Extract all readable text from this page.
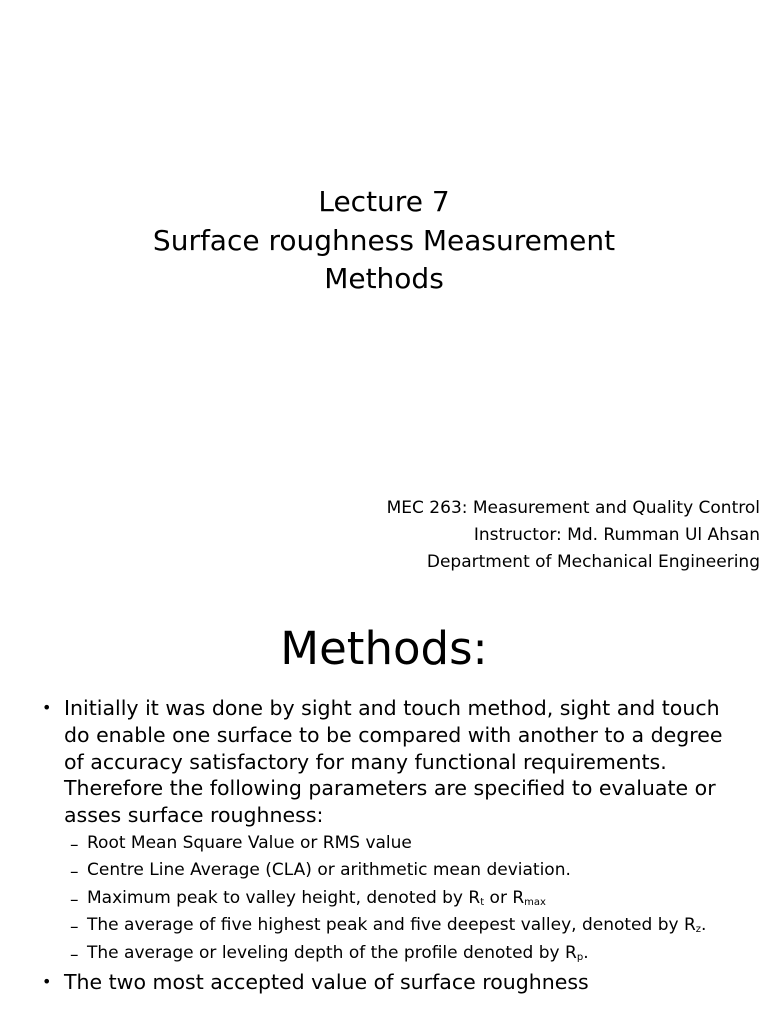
Lecture 7
Surface roughness Measurement
Methods
MEC 263: Measurement and Quality Control
Instructor: Md. Rumman Ul Ahsan
Department of Mechanical Engineering
Methods:
• Initially it was done by sight and touch method, sight and touch do enable one surface to be compared with another to a degree of accuracy satisfactory for many functional requirements. Therefore the following parameters are specified to evaluate or asses surface roughness:
– Root Mean Square Value or RMS value
– Centre Line Average (CLA) or arithmetic mean deviation.
– Maximum peak to valley height, denoted by $R_t$ or $R_{max}$
– The average of five highest peak and five deepest valley, denoted by $R_z$.
– The average or leveling depth of the profile denoted by $R_p$.
• The two most accepted value of surface roughness
